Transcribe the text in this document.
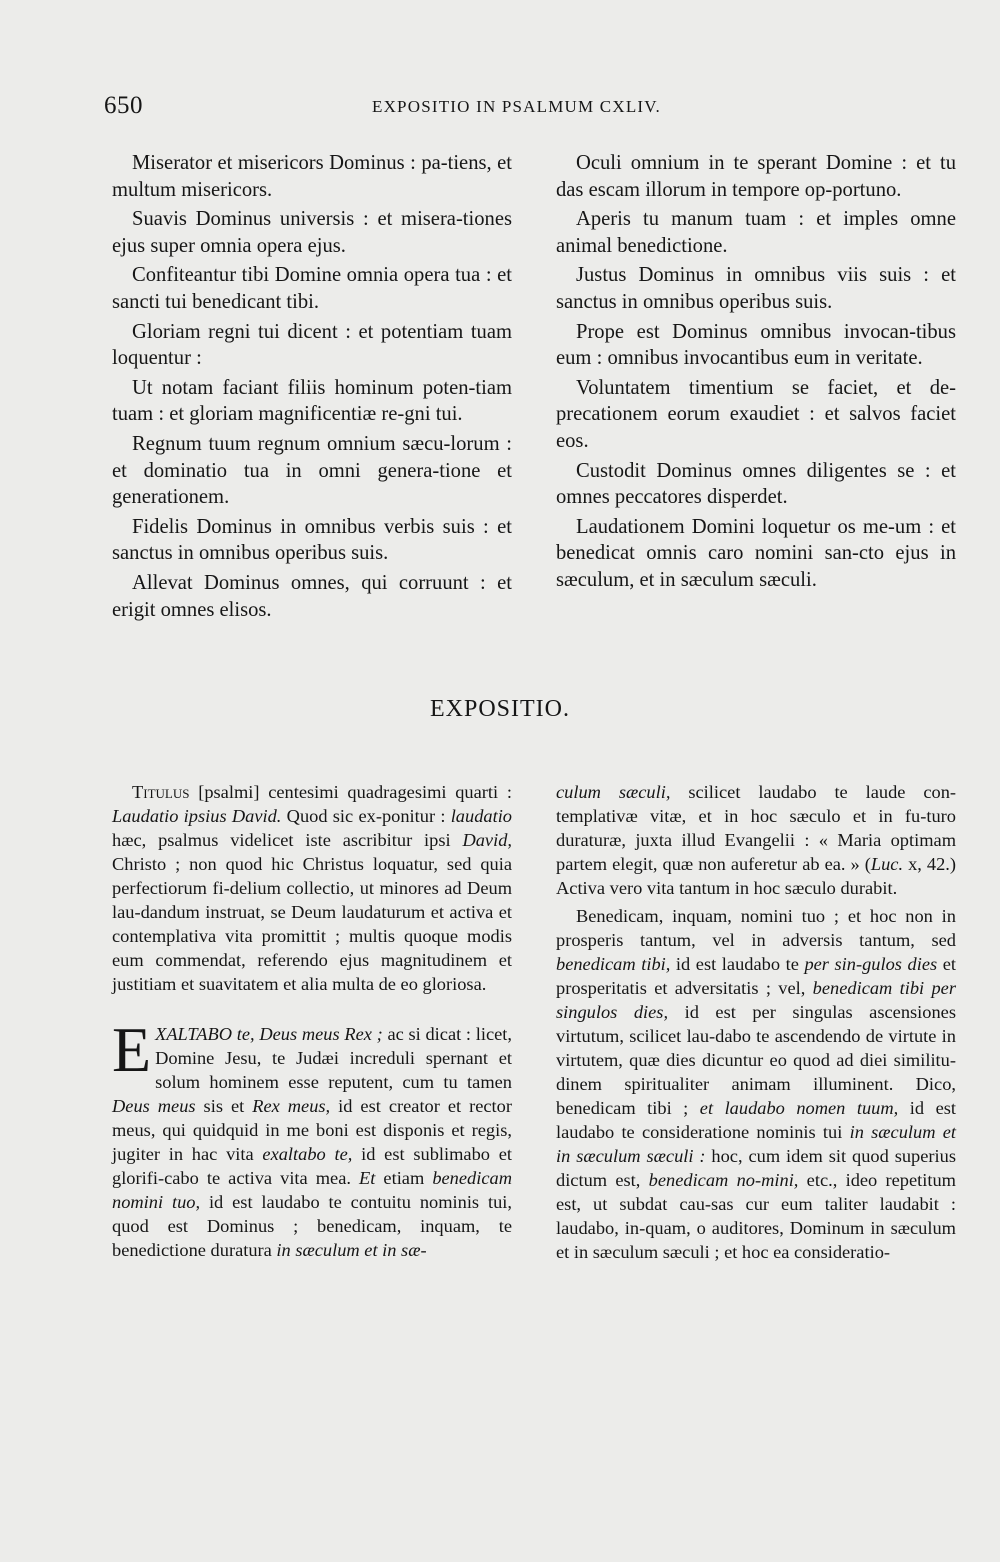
650	EXPOSITIO IN PSALMUM CXLIV.
Miserator et misericors Dominus : pa-tiens, et multum misericors.
Suavis Dominus universis : et misera-tiones ejus super omnia opera ejus.
Confiteantur tibi Domine omnia opera tua : et sancti tui benedicant tibi.
Gloriam regni tui dicent : et potentiam tuam loquentur :
Ut notam faciant filiis hominum poten-tiam tuam : et gloriam magnificentiæ re-gni tui.
Regnum tuum regnum omnium sæcu-lorum : et dominatio tua in omni genera-tione et generationem.
Fidelis Dominus in omnibus verbis suis : et sanctus in omnibus operibus suis.
Allevat Dominus omnes, qui corruunt : et erigit omnes elisos.
Oculi omnium in te sperant Domine : et tu das escam illorum in tempore op-portuno.
Aperis tu manum tuam : et imples omne animal benedictione.
Justus Dominus in omnibus viis suis : et sanctus in omnibus operibus suis.
Prope est Dominus omnibus invocan-tibus eum : omnibus invocantibus eum in veritate.
Voluntatem timentium se faciet, et de-precationem eorum exaudiet : et salvos faciet eos.
Custodit Dominus omnes diligentes se : et omnes peccatores disperdet.
Laudationem Domini loquetur os me-um : et benedicat omnis caro nomini san-cto ejus in sæculum, et in sæculum sæculi.
EXPOSITIO.

Titulus [psalmi] centesimi quadragesimi quarti : Laudatio ipsius David. Quod sic ex-ponitur : laudatio hæc, psalmus videlicet iste ascribitur ipsi David, Christo ; non quod hic Christus loquatur, sed quia perfectiorum fi-delium collectio, ut minores ad Deum lau-dandum instruat, se Deum laudaturum et activa et contemplativa vita promittit ; multis quoque modis eum commendat, referendo ejus magnitudinem et justitiam et suavitatem et alia multa de eo gloriosa.

EXALTABO te, Deus meus Rex ; ac si dicat : licet, Domine Jesu, te Judæi increduli spernant et solum hominem esse reputent, cum tu tamen Deus meus sis et Rex meus, id est creator et rector meus, qui quidquid in me boni est disponis et regis, jugiter in hac vita exaltabo te, id est sublimabo et glorifi-cabo te activa vita mea. Et etiam benedicam nomini tuo, id est laudabo te contuitu nominis tui, quod est Dominus ; benedicam, inquam, te benedictione duratura in sæculum et in sæ-

culum sæculi, scilicet laudabo te laude con-templativæ vitæ, et in hoc sæculo et in fu-turo duraturæ, juxta illud Evangelii : « Maria optimam partem elegit, quæ non auferetur ab ea. » (Luc. x, 42.) Activa vero vita tantum in hoc sæculo durabit.

Benedicam, inquam, nomini tuo ; et hoc non in prosperis tantum, vel in adversis tantum, sed benedicam tibi, id est laudabo te per sin-gulos dies et prosperitatis et adversitatis ; vel, benedicam tibi per singulos dies, id est per singulas ascensiones virtutum, scilicet lau-dabo te ascendendo de virtute in virtutem, quæ dies dicuntur eo quod ad diei similitu-dinem spiritualiter animam illuminent. Dico, benedicam tibi ; et laudabo nomen tuum, id est laudabo te consideratione nominis tui in sæculum et in sæculum sæculi : hoc, cum idem sit quod superius dictum est, benedicam no-mini, etc., ideo repetitum est, ut subdat cau-sas cur eum taliter laudabit : laudabo, in-quam, o auditores, Dominum in sæculum et in sæculum sæculi ; et hoc ea consideratio-
